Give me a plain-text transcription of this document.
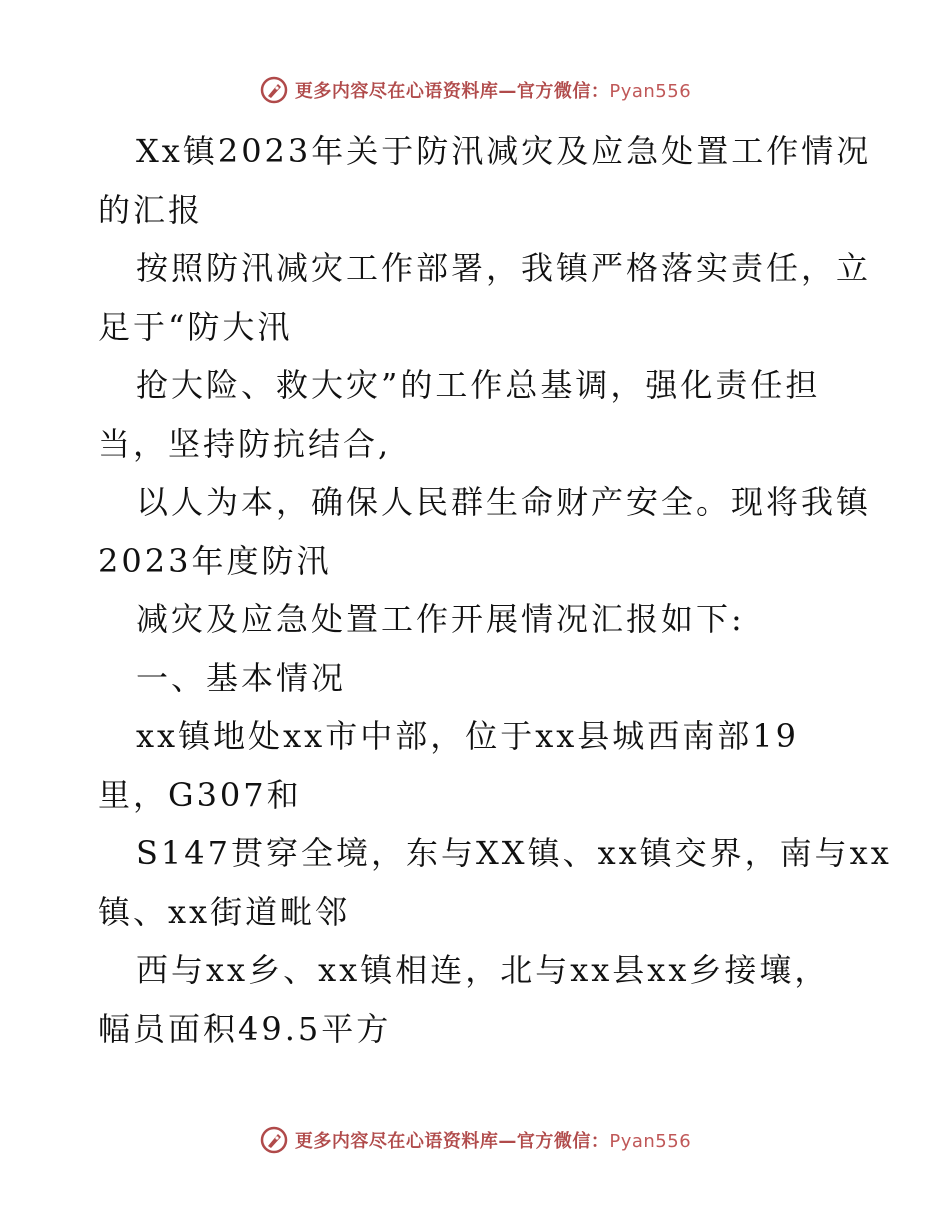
更多内容尽在心语资料库—官方微信：Pyan556
Xx镇2023年关于防汛减灾及应急处置工作情况
的汇报
按照防汛减灾工作部署，我镇严格落实责任，立
足于“防大汛
抢大险、救大灾”的工作总基调，强化责任担
当，坚持防抗结合,
以人为本，确保人民群生命财产安全。现将我镇
2023年度防汛
减灾及应急处置工作开展情况汇报如下:
一、基本情况
xx镇地处xx市中部，位于xx县城西南部19
里，G307和
S147贯穿全境，东与XX镇、xx镇交界，南与xx
镇、xx街道毗邻
西与xx乡、xx镇相连，北与xx县xx乡接壤，
幅员面积49.5平方
更多内容尽在心语资料库—官方微信：Pyan556
